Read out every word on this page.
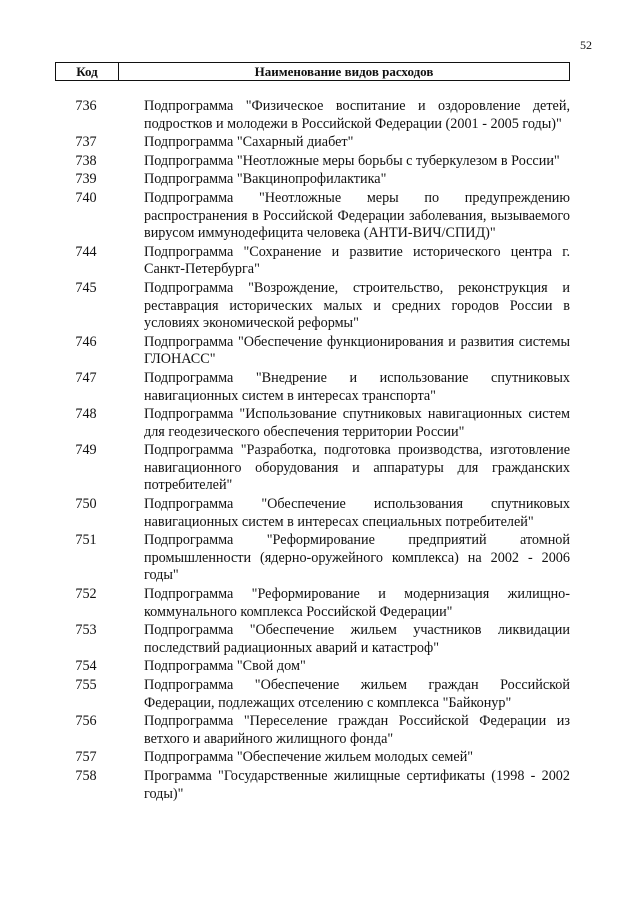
52
Код	Наименование видов расходов
736	Подпрограмма "Физическое воспитание и оздоровление детей, подростков и молодежи в Российской Федерации (2001 - 2005 годы)"
737	Подпрограмма "Сахарный диабет"
738	Подпрограмма "Неотложные меры борьбы с туберкулезом в России"
739	Подпрограмма "Вакцинопрофилактика"
740	Подпрограмма "Неотложные меры по предупреждению распространения в Российской Федерации заболевания, вызываемого вирусом иммунодефицита человека (АНТИ-ВИЧ/СПИД)"
744	Подпрограмма "Сохранение и развитие исторического центра г. Санкт-Петербурга"
745	Подпрограмма "Возрождение, строительство, реконструкция и реставрация исторических малых и средних городов России в условиях экономической реформы"
746	Подпрограмма "Обеспечение функционирования и развития системы ГЛОНАСС"
747	Подпрограмма "Внедрение и использование спутниковых навигационных систем в интересах транспорта"
748	Подпрограмма "Использование спутниковых навигационных систем для геодезического обеспечения территории России"
749	Подпрограмма "Разработка, подготовка производства, изготовление навигационного оборудования и аппаратуры для гражданских потребителей"
750	Подпрограмма "Обеспечение использования спутниковых навигационных систем в интересах специальных потребителей"
751	Подпрограмма "Реформирование предприятий атомной промышленности (ядерно-оружейного комплекса) на 2002 - 2006 годы"
752	Подпрограмма "Реформирование и модернизация жилищно-коммунального комплекса Российской Федерации"
753	Подпрограмма "Обеспечение жильем участников ликвидации последствий радиационных аварий и катастроф"
754	Подпрограмма "Свой дом"
755	Подпрограмма "Обеспечение жильем граждан Российской Федерации, подлежащих отселению с комплекса "Байконур"
756	Подпрограмма "Переселение граждан Российской Федерации из ветхого и аварийного жилищного фонда"
757	Подпрограмма "Обеспечение жильем молодых семей"
758	Программа "Государственные жилищные сертификаты (1998 - 2002 годы)"
